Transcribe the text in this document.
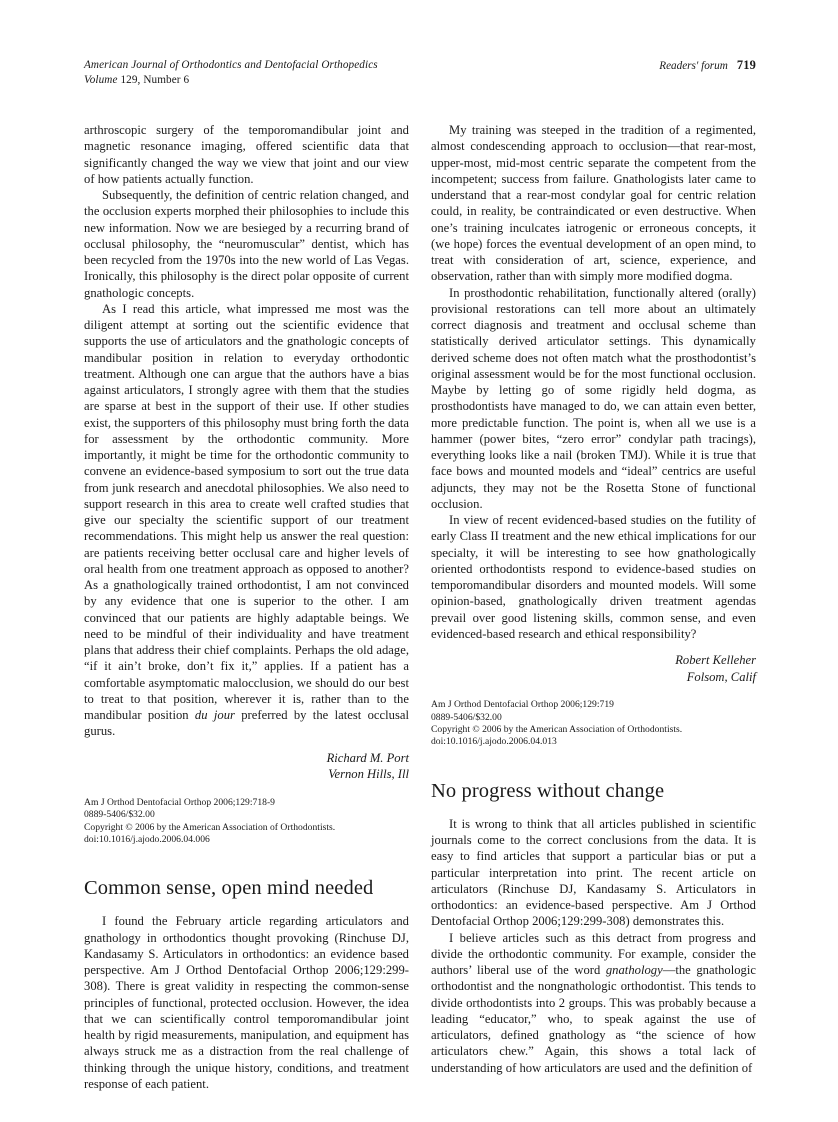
American Journal of Orthodontics and Dentofacial Orthopedics
Volume 129, Number 6
Readers' forum 719

arthroscopic surgery of the temporomandibular joint and magnetic resonance imaging, offered scientific data that significantly changed the way we view that joint and our view of how patients actually function.

Subsequently, the definition of centric relation changed, and the occlusion experts morphed their philosophies to include this new information. Now we are besieged by a recurring brand of occlusal philosophy, the “neuromuscular” dentist, which has been recycled from the 1970s into the new world of Las Vegas. Ironically, this philosophy is the direct polar opposite of current gnathologic concepts.

As I read this article, what impressed me most was the diligent attempt at sorting out the scientific evidence that supports the use of articulators and the gnathologic concepts of mandibular position in relation to everyday orthodontic treatment. Although one can argue that the authors have a bias against articulators, I strongly agree with them that the studies are sparse at best in the support of their use. If other studies exist, the supporters of this philosophy must bring forth the data for assessment by the orthodontic community. More importantly, it might be time for the orthodontic community to convene an evidence-based symposium to sort out the true data from junk research and anecdotal philosophies. We also need to support research in this area to create well crafted studies that give our specialty the scientific support of our treatment recommendations. This might help us answer the real question: are patients receiving better occlusal care and higher levels of oral health from one treatment approach as opposed to another? As a gnathologically trained orthodontist, I am not convinced by any evidence that one is superior to the other. I am convinced that our patients are highly adaptable beings. We need to be mindful of their individuality and have treatment plans that address their chief complaints. Perhaps the old adage, “if it ain’t broke, don’t fix it,” applies. If a patient has a comfortable asymptomatic malocclusion, we should do our best to treat to that position, wherever it is, rather than to the mandibular position du jour preferred by the latest occlusal gurus.

Richard M. Port
Vernon Hills, Ill
Am J Orthod Dentofacial Orthop 2006;129:718-9
0889-5406/$32.00
Copyright © 2006 by the American Association of Orthodontists.
doi:10.1016/j.ajodo.2006.04.006
Common sense, open mind needed

I found the February article regarding articulators and gnathology in orthodontics thought provoking (Rinchuse DJ, Kandasamy S. Articulators in orthodontics: an evidence based perspective. Am J Orthod Dentofacial Orthop 2006;129:299-308). There is great validity in respecting the common-sense principles of functional, protected occlusion. However, the idea that we can scientifically control temporomandibular joint health by rigid measurements, manipulation, and equipment has always struck me as a distraction from the real challenge of thinking through the unique history, conditions, and treatment response of each patient.

My training was steeped in the tradition of a regimented, almost condescending approach to occlusion—that rear-most, upper-most, mid-most centric separate the competent from the incompetent; success from failure. Gnathologists later came to understand that a rear-most condylar goal for centric relation could, in reality, be contraindicated or even destructive. When one’s training inculcates iatrogenic or erroneous concepts, it (we hope) forces the eventual development of an open mind, to treat with consideration of art, science, experience, and observation, rather than with simply more modified dogma.

In prosthodontic rehabilitation, functionally altered (orally) provisional restorations can tell more about an ultimately correct diagnosis and treatment and occlusal scheme than statistically derived articulator settings. This dynamically derived scheme does not often match what the prosthodontist’s original assessment would be for the most functional occlusion. Maybe by letting go of some rigidly held dogma, as prosthodontists have managed to do, we can attain even better, more predictable function. The point is, when all we use is a hammer (power bites, “zero error” condylar path tracings), everything looks like a nail (broken TMJ). While it is true that face bows and mounted models and “ideal” centrics are useful adjuncts, they may not be the Rosetta Stone of functional occlusion.

In view of recent evidenced-based studies on the futility of early Class II treatment and the new ethical implications for our specialty, it will be interesting to see how gnathologically oriented orthodontists respond to evidence-based studies on temporomandibular disorders and mounted models. Will some opinion-based, gnathologically driven treatment agendas prevail over good listening skills, common sense, and even evidenced-based research and ethical responsibility?

Robert Kelleher
Folsom, Calif
Am J Orthod Dentofacial Orthop 2006;129:719
0889-5406/$32.00
Copyright © 2006 by the American Association of Orthodontists.
doi:10.1016/j.ajodo.2006.04.013
No progress without change

It is wrong to think that all articles published in scientific journals come to the correct conclusions from the data. It is easy to find articles that support a particular bias or put a particular interpretation into print. The recent article on articulators (Rinchuse DJ, Kandasamy S. Articulators in orthodontics: an evidence-based perspective. Am J Orthod Dentofacial Orthop 2006;129:299-308) demonstrates this.

I believe articles such as this detract from progress and divide the orthodontic community. For example, consider the authors’ liberal use of the word gnathology—the gnathologic orthodontist and the nongnathologic orthodontist. This tends to divide orthodontists into 2 groups. This was probably because a leading “educator,” who, to speak against the use of articulators, defined gnathology as “the science of how articulators chew.” Again, this shows a total lack of understanding of how articulators are used and the definition of
